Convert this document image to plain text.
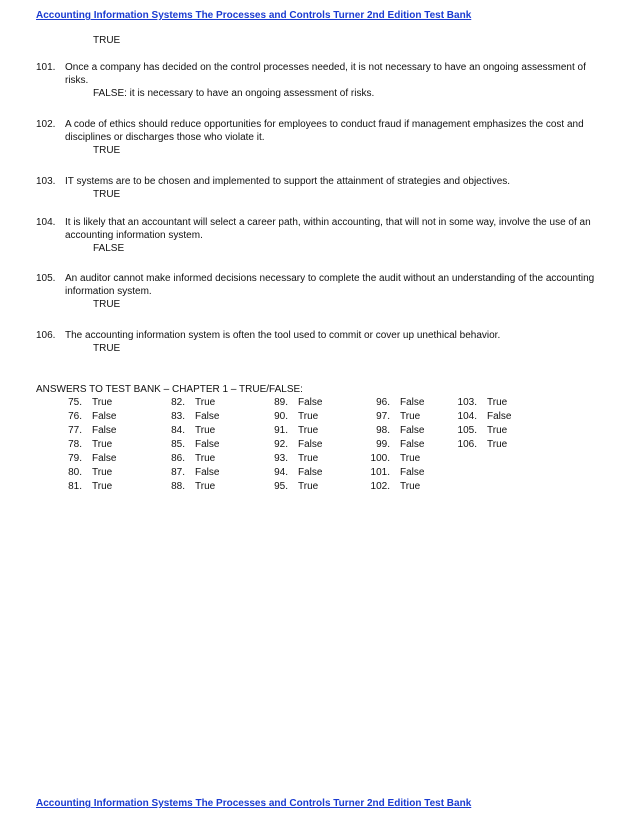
Accounting Information Systems The Processes and Controls Turner 2nd Edition Test Bank
TRUE
101. Once a company has decided on the control processes needed, it is not necessary to have an ongoing assessment of risks.
FALSE: it is necessary to have an ongoing assessment of risks.
102. A code of ethics should reduce opportunities for employees to conduct fraud if management emphasizes the cost and disciplines or discharges those who violate it.
TRUE
103. IT systems are to be chosen and implemented to support the attainment of strategies and objectives.
TRUE
104. It is likely that an accountant will select a career path, within accounting, that will not in some way, involve the use of an accounting information system.
FALSE
105. An auditor cannot make informed decisions necessary to complete the audit without an understanding of the accounting information system.
TRUE
106. The accounting information system is often the tool used to commit or cover up unethical behavior.
TRUE
ANSWERS TO TEST BANK – CHAPTER 1 – TRUE/FALSE:
75. True
76. False
77. False
78. True
79. False
80. True
81. True
82. True
83. False
84. True
85. False
86. True
87. False
88. True
89. False
90. True
91. True
92. False
93. True
94. False
95. True
96. False
97. True
98. False
99. False
100. True
101. False
102. True
103. True
104. False
105. True
106. True
Accounting Information Systems The Processes and Controls Turner 2nd Edition Test Bank
